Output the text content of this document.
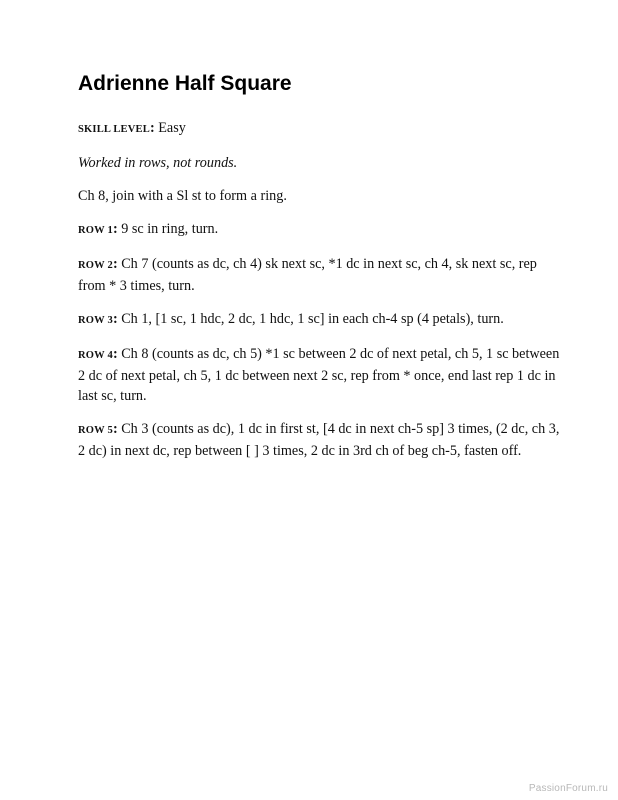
Adrienne Half Square

SKILL LEVEL: Easy

Worked in rows, not rounds.

Ch 8, join with a Sl st to form a ring.

ROW 1: 9 sc in ring, turn.

ROW 2: Ch 7 (counts as dc, ch 4) sk next sc, *1 dc in next sc, ch 4, sk next sc, rep from * 3 times, turn.

ROW 3: Ch 1, [1 sc, 1 hdc, 2 dc, 1 hdc, 1 sc] in each ch-4 sp (4 petals), turn.

ROW 4: Ch 8 (counts as dc, ch 5) *1 sc between 2 dc of next petal, ch 5, 1 sc between 2 dc of next petal, ch 5, 1 dc between next 2 sc, rep from * once, end last rep 1 dc in last sc, turn.

ROW 5: Ch 3 (counts as dc), 1 dc in first st, [4 dc in next ch-5 sp] 3 times, (2 dc, ch 3, 2 dc) in next dc, rep between [ ] 3 times, 2 dc in 3rd ch of beg ch-5, fasten off.

PassionForum.ru
